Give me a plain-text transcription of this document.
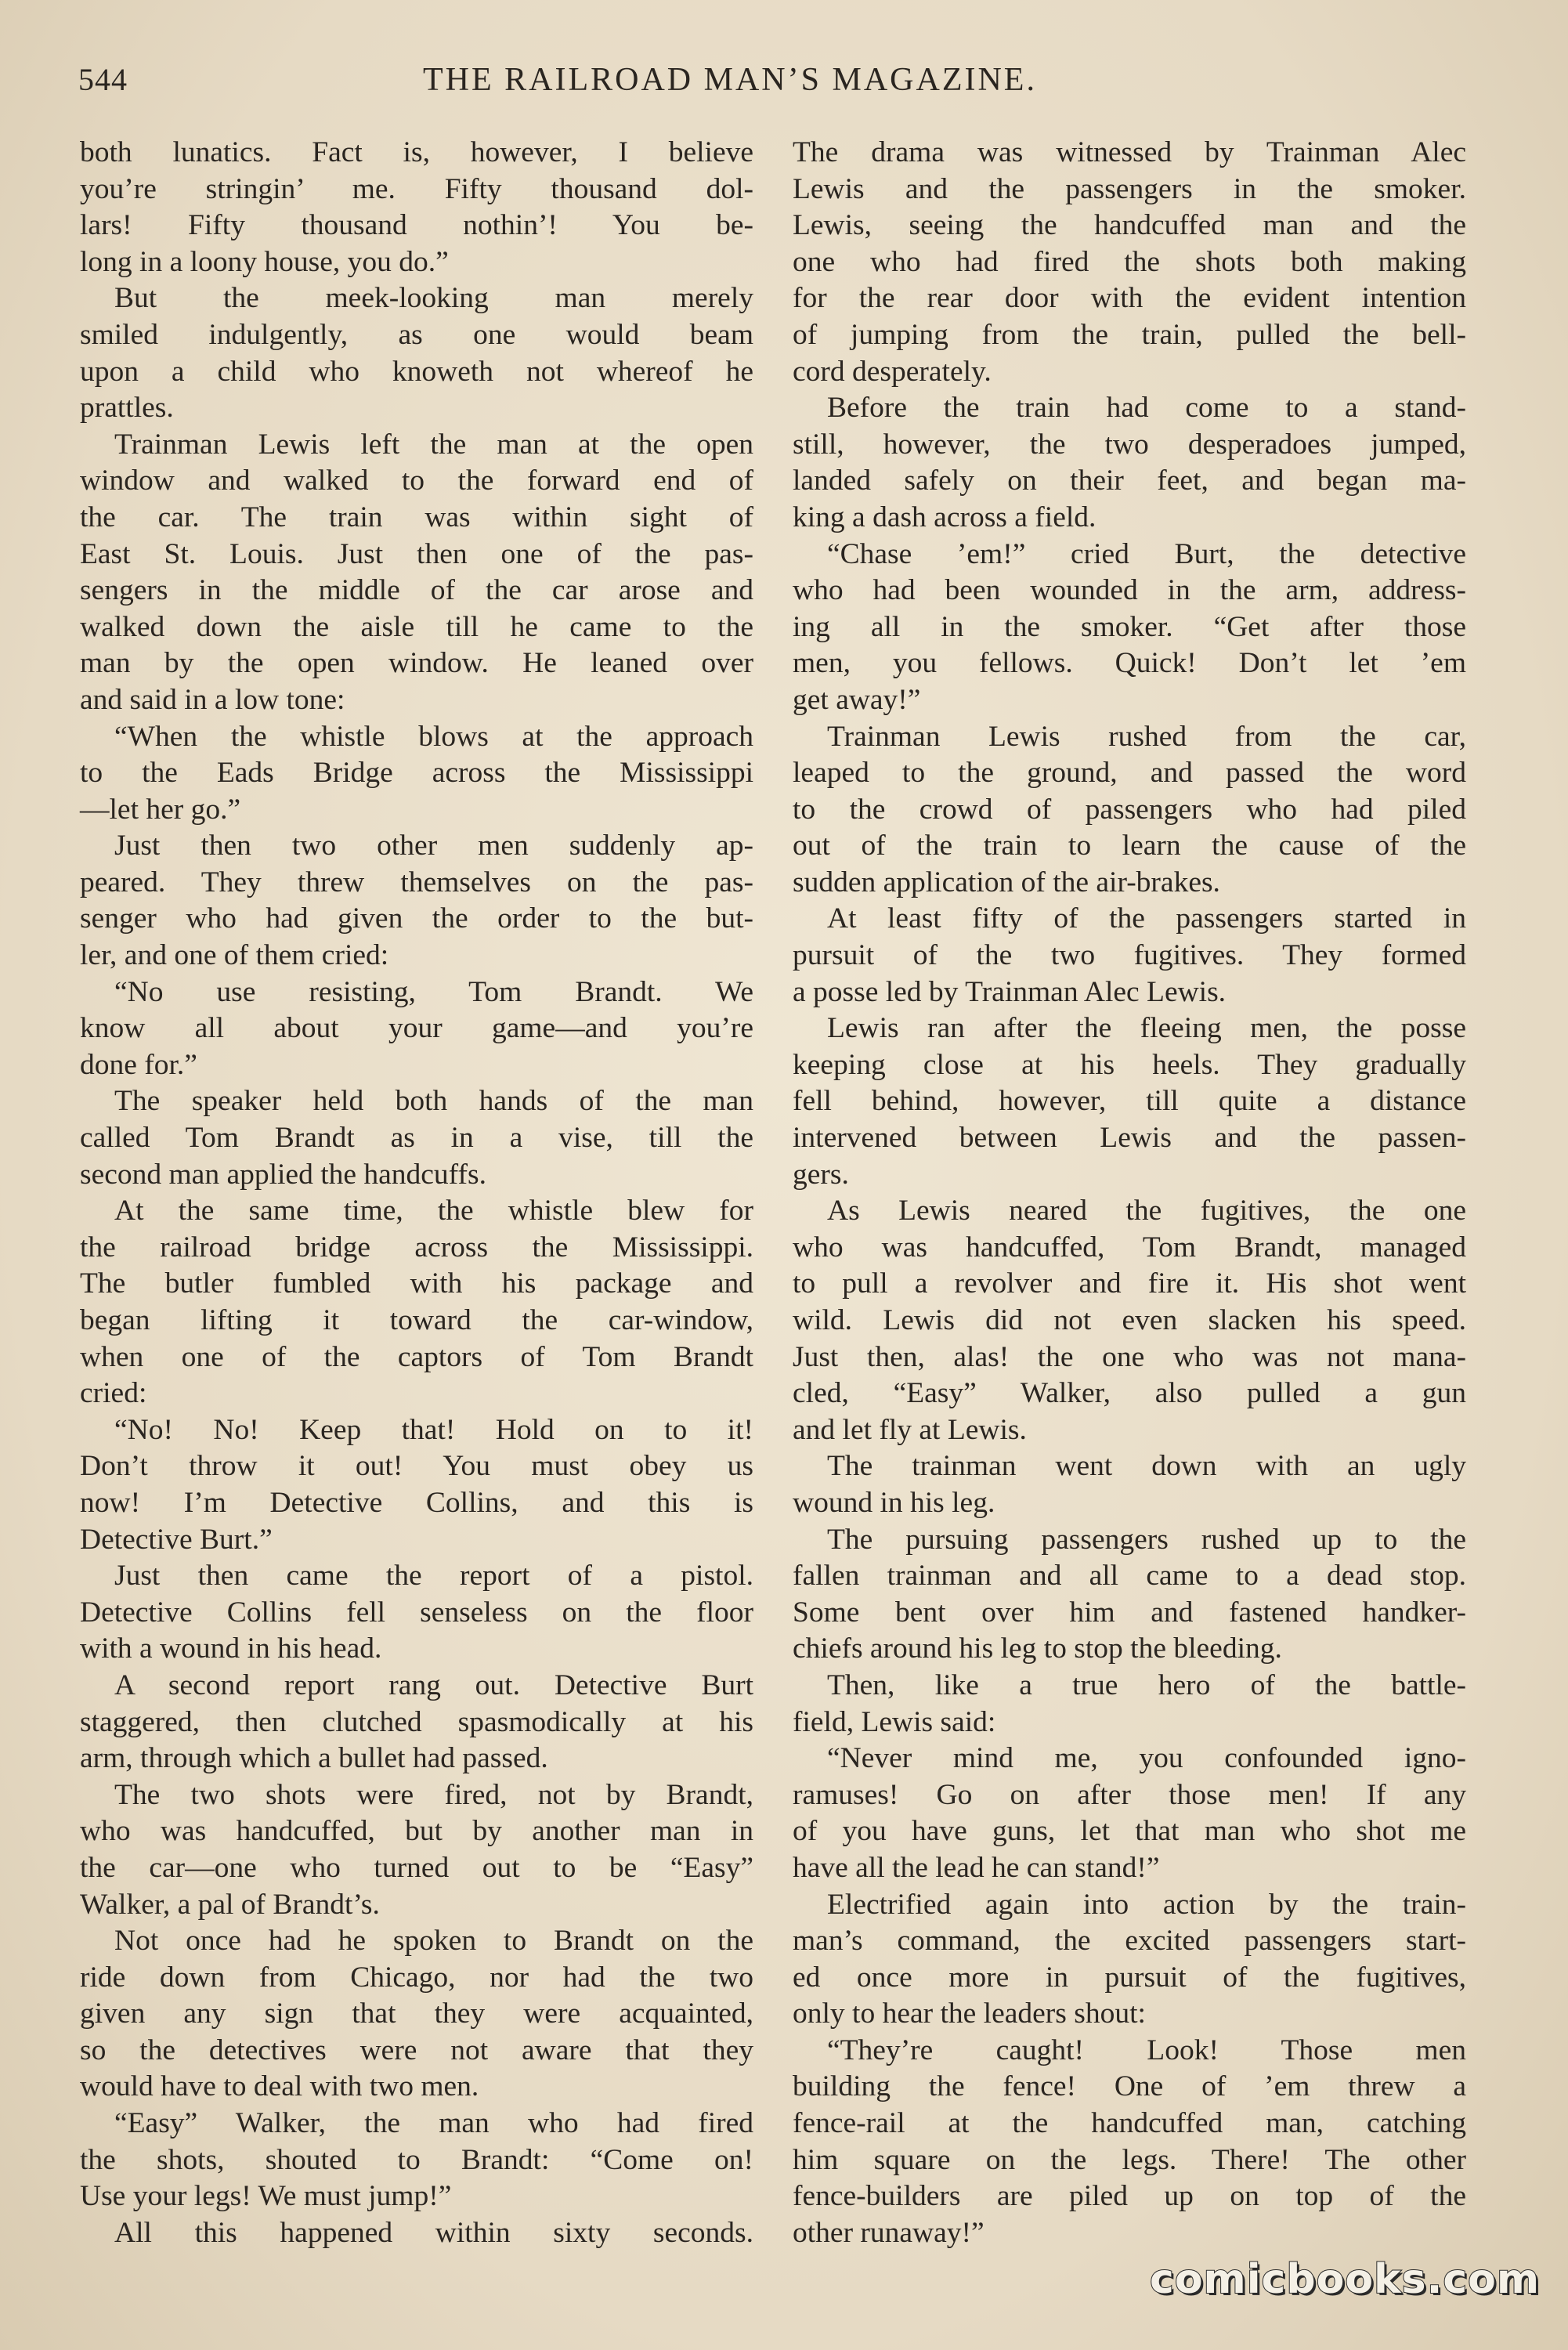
544	THE RAILROAD MAN’S MAGAZINE.
both lunatics. Fact is, however, I believe
you’re stringin’ me. Fifty thousand dol-
lars! Fifty thousand nothin’! You be-
long in a loony house, you do.”
But the meek-looking man merely
smiled indulgently, as one would beam
upon a child who knoweth not whereof he
prattles.
Trainman Lewis left the man at the open
window and walked to the forward end of
the car. The train was within sight of
East St. Louis. Just then one of the pas-
sengers in the middle of the car arose and
walked down the aisle till he came to the
man by the open window. He leaned over
and said in a low tone:
“When the whistle blows at the approach
to the Eads Bridge across the Mississippi
—let her go.”
Just then two other men suddenly ap-
peared. They threw themselves on the pas-
senger who had given the order to the but-
ler, and one of them cried:
“No use resisting, Tom Brandt. We
know all about your game—and you’re
done for.”
The speaker held both hands of the man
called Tom Brandt as in a vise, till the
second man applied the handcuffs.
At the same time, the whistle blew for
the railroad bridge across the Mississippi.
The butler fumbled with his package and
began lifting it toward the car-window,
when one of the captors of Tom Brandt
cried:
“No! No! Keep that! Hold on to it!
Don’t throw it out! You must obey us
now! I’m Detective Collins, and this is
Detective Burt.”
Just then came the report of a pistol.
Detective Collins fell senseless on the floor
with a wound in his head.
A second report rang out. Detective Burt
staggered, then clutched spasmodically at his
arm, through which a bullet had passed.
The two shots were fired, not by Brandt,
who was handcuffed, but by another man in
the car—one who turned out to be “Easy”
Walker, a pal of Brandt’s.
Not once had he spoken to Brandt on the
ride down from Chicago, nor had the two
given any sign that they were acquainted,
so the detectives were not aware that they
would have to deal with two men.
“Easy” Walker, the man who had fired
the shots, shouted to Brandt: “Come on!
Use your legs! We must jump!”
All this happened within sixty seconds.
The drama was witnessed by Trainman Alec
Lewis and the passengers in the smoker.
Lewis, seeing the handcuffed man and the
one who had fired the shots both making
for the rear door with the evident intention
of jumping from the train, pulled the bell-
cord desperately.
Before the train had come to a stand-
still, however, the two desperadoes jumped,
landed safely on their feet, and began ma-
king a dash across a field.
“Chase ’em!” cried Burt, the detective
who had been wounded in the arm, address-
ing all in the smoker. “Get after those
men, you fellows. Quick! Don’t let ’em
get away!”
Trainman Lewis rushed from the car,
leaped to the ground, and passed the word
to the crowd of passengers who had piled
out of the train to learn the cause of the
sudden application of the air-brakes.
At least fifty of the passengers started in
pursuit of the two fugitives. They formed
a posse led by Trainman Alec Lewis.
Lewis ran after the fleeing men, the posse
keeping close at his heels. They gradually
fell behind, however, till quite a distance
intervened between Lewis and the passen-
gers.
As Lewis neared the fugitives, the one
who was handcuffed, Tom Brandt, managed
to pull a revolver and fire it. His shot went
wild. Lewis did not even slacken his speed.
Just then, alas! the one who was not mana-
cled, “Easy” Walker, also pulled a gun
and let fly at Lewis.
The trainman went down with an ugly
wound in his leg.
The pursuing passengers rushed up to the
fallen trainman and all came to a dead stop.
Some bent over him and fastened handker-
chiefs around his leg to stop the bleeding.
Then, like a true hero of the battle-
field, Lewis said:
“Never mind me, you confounded igno-
ramuses! Go on after those men! If any
of you have guns, let that man who shot me
have all the lead he can stand!”
Electrified again into action by the train-
man’s command, the excited passengers start-
ed once more in pursuit of the fugitives,
only to hear the leaders shout:
“They’re caught! Look! Those men
building the fence! One of ’em threw a
fence-rail at the handcuffed man, catching
him square on the legs. There! The other
fence-builders are piled up on top of the
other runaway!”
comicbooks.com
